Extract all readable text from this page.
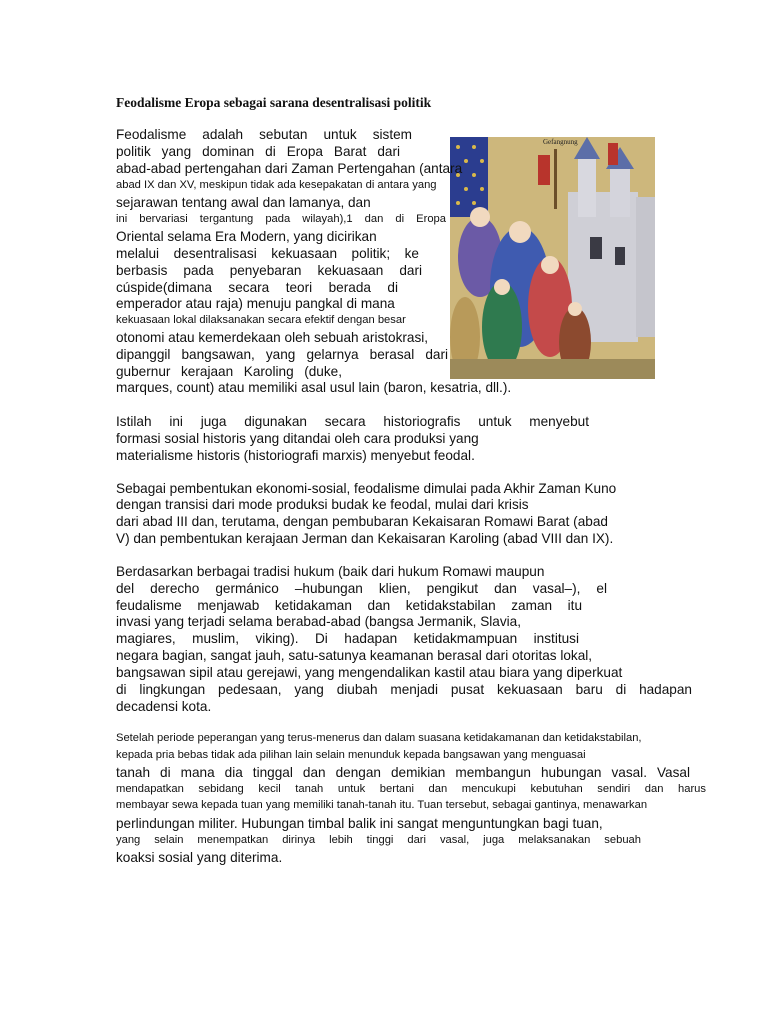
Feodalisme Eropa sebagai sarana desentralisasi politik
Gefangnung

Feodalisme adalah sebutan untuk sistem

politik yang dominan di Eropa Barat dari

abad-abad pertengahan dari Zaman Pertengahan (antara

abad IX dan XV, meskipun tidak ada kesepakatan di antara yang

sejarawan tentang awal dan lamanya, dan

ini bervariasi tergantung pada wilayah),1 dan di Eropa

Oriental selama Era Modern, yang dicirikan

melalui desentralisasi kekuasaan politik; ke

berbasis pada penyebaran kekuasaan dari

cúspide(dimana secara teori berada di

emperador atau raja) menuju pangkal di mana

kekuasaan lokal dilaksanakan secara efektif dengan besar

otonomi atau kemerdekaan oleh sebuah aristokrasi,

dipanggil bangsawan, yang gelarnya berasal dari

gubernur kerajaan Karoling (duke,

marques, count) atau memiliki asal usul lain (baron, kesatria, dll.).

Istilah ini juga digunakan secara historiografis untuk menyebut

formasi sosial historis yang ditandai oleh cara produksi yang

materialisme historis (historiografi marxis) menyebut feodal.

Sebagai pembentukan ekonomi-sosial, feodalisme dimulai pada Akhir Zaman Kuno

dengan transisi dari mode produksi budak ke feodal, mulai dari krisis

dari abad III dan, terutama, dengan pembubaran Kekaisaran Romawi Barat (abad

V) dan pembentukan kerajaan Jerman dan Kekaisaran Karoling (abad VIII dan IX).

Berdasarkan berbagai tradisi hukum (baik dari hukum Romawi maupun

del derecho germánico –hubungan klien, pengikut dan vasal–), el

feudalisme menjawab ketidakaman dan ketidakstabilan zaman itu

invasi yang terjadi selama berabad-abad (bangsa Jermanik, Slavia,

magiares, muslim, viking). Di hadapan ketidakmampuan institusi

negara bagian, sangat jauh, satu-satunya keamanan berasal dari otoritas lokal,

bangsawan sipil atau gerejawi, yang mengendalikan kastil atau biara yang diperkuat

di lingkungan pedesaan, yang diubah menjadi pusat kekuasaan baru di hadapan

decadensi kota.

Setelah periode peperangan yang terus-menerus dan dalam suasana ketidakamanan dan ketidakstabilan,

kepada pria bebas tidak ada pilihan lain selain menunduk kepada bangsawan yang menguasai

tanah di mana dia tinggal dan dengan demikian membangun hubungan vasal. Vasal

mendapatkan sebidang kecil tanah untuk bertani dan mencukupi kebutuhan sendiri dan harus

membayar sewa kepada tuan yang memiliki tanah-tanah itu. Tuan tersebut, sebagai gantinya, menawarkan

perlindungan militer. Hubungan timbal balik ini sangat menguntungkan bagi tuan,

yang selain menempatkan dirinya lebih tinggi dari vasal, juga melaksanakan sebuah

koaksi sosial yang diterima.
